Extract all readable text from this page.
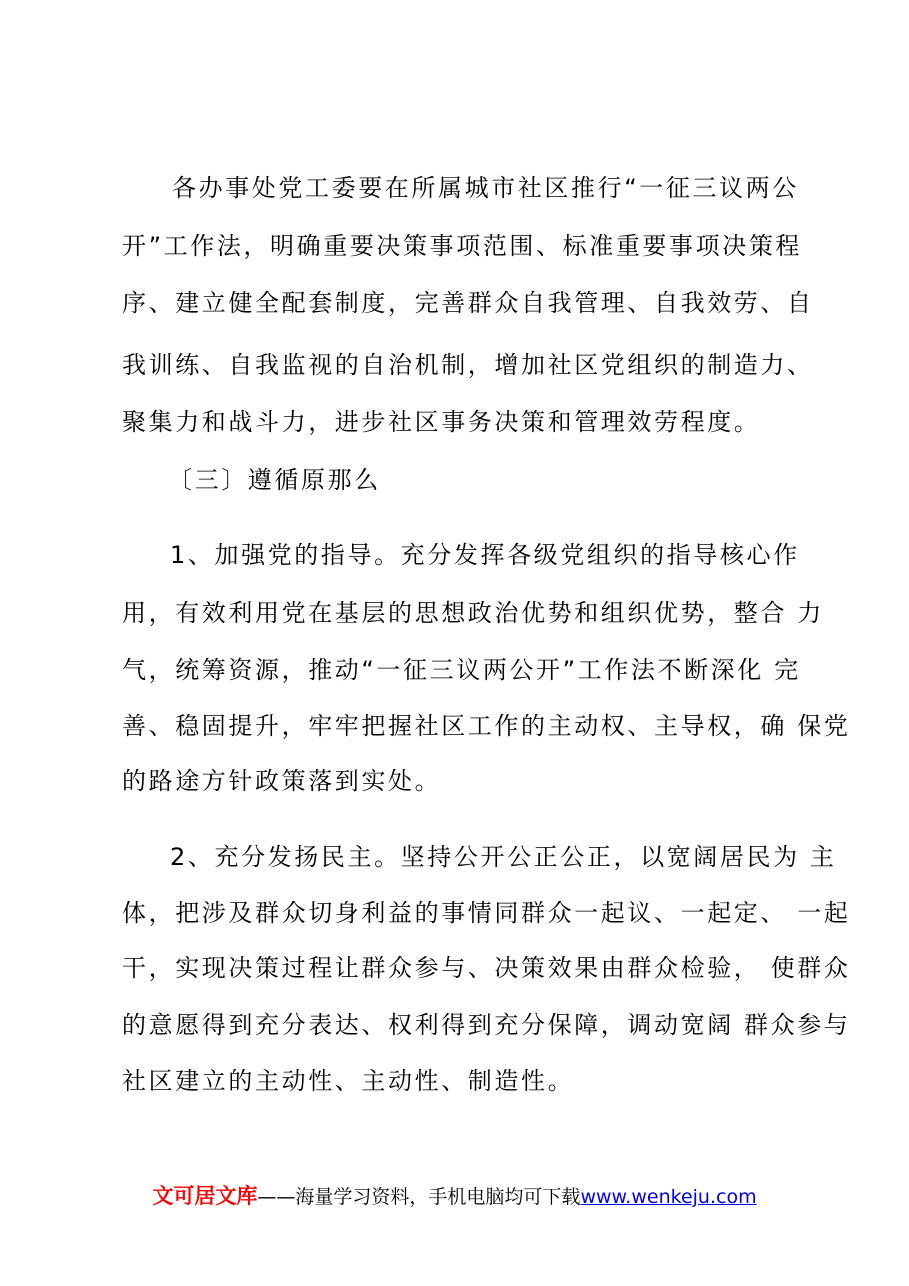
各办事处党工委要在所属城市社区推行“一征三议两公
开”工作法，明确重要决策事项范围、标准重要事项决策程
序、建立健全配套制度，完善群众自我管理、自我效劳、自
我训练、自我监视的自治机制，增加社区党组织的制造力、
聚集力和战斗力，进步社区事务决策和管理效劳程度。
〔三〕遵循原那么
1、加强党的指导。充分发挥各级党组织的指导核心作
用，有效利用党在基层的思想政治优势和组织优势，整合 力
气，统筹资源，推动“一征三议两公开”工作法不断深化 完
善、稳固提升，牢牢把握社区工作的主动权、主导权，确 保党
的路途方针政策落到实处。
2、充分发扬民主。坚持公开公正公正，以宽阔居民为 主
体，把涉及群众切身利益的事情同群众一起议、一起定、 一起
干，实现决策过程让群众参与、决策效果由群众检验， 使群众
的意愿得到充分表达、权利得到充分保障，调动宽阔 群众参与
社区建立的主动性、主动性、制造性。
文可居文库——海量学习资料，手机电脑均可下载www.wenkeju.com
